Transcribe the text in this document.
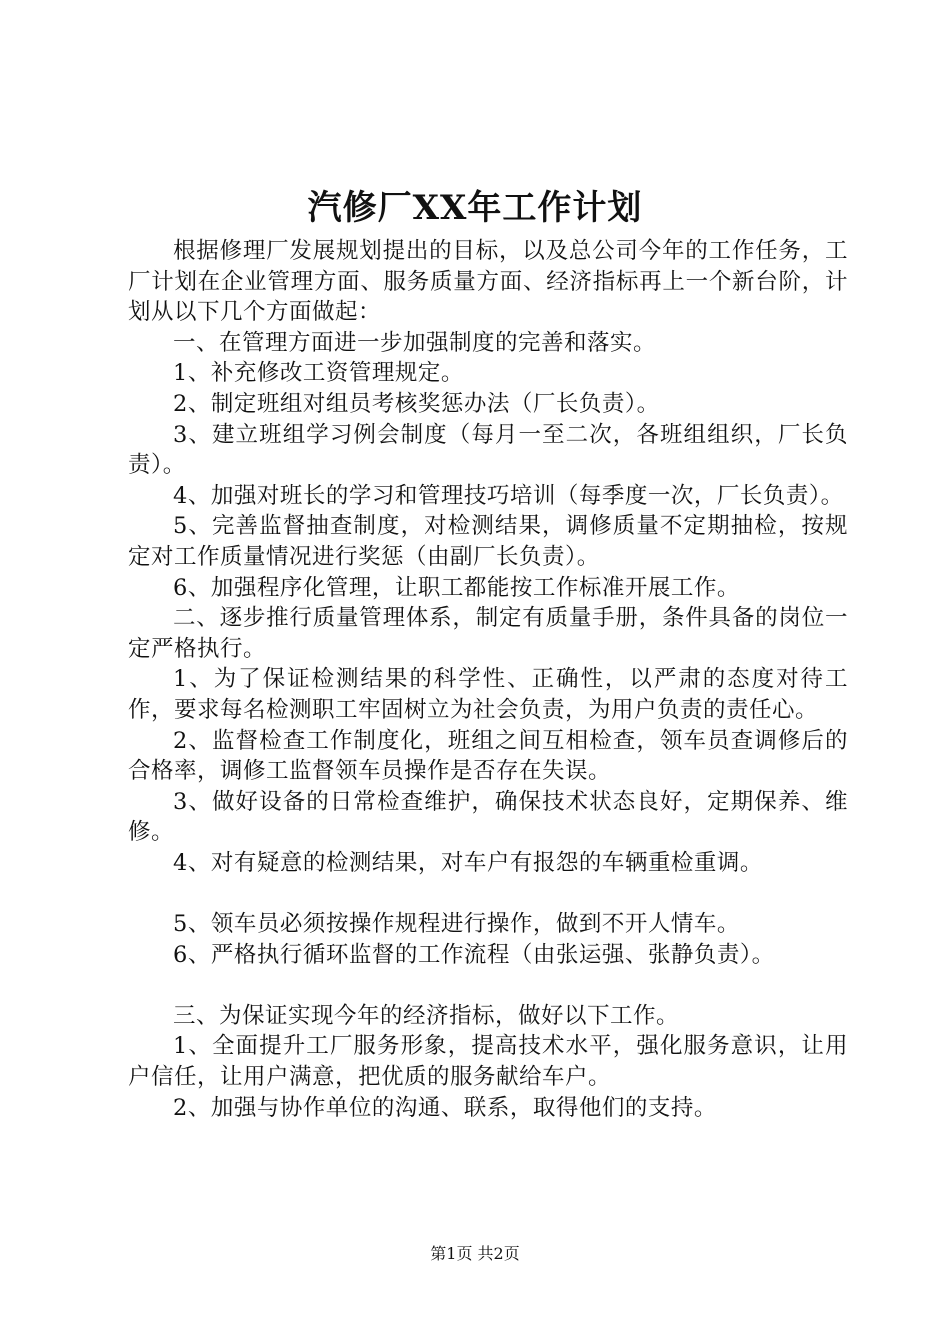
汽修厂XX年工作计划

根据修理厂发展规划提出的目标，以及总公司今年的工作任务，工厂计划在企业管理方面、服务质量方面、经济指标再上一个新台阶，计划从以下几个方面做起：

一、在管理方面进一步加强制度的完善和落实。

1、补充修改工资管理规定。

2、制定班组对组员考核奖惩办法（厂长负责）。

3、建立班组学习例会制度（每月一至二次，各班组组织，厂长负责）。

4、加强对班长的学习和管理技巧培训（每季度一次，厂长负责）。

5、完善监督抽查制度，对检测结果，调修质量不定期抽检，按规定对工作质量情况进行奖惩（由副厂长负责）。

6、加强程序化管理，让职工都能按工作标准开展工作。

二、逐步推行质量管理体系，制定有质量手册，条件具备的岗位一定严格执行。

1、为了保证检测结果的科学性、正确性，以严肃的态度对待工作，要求每名检测职工牢固树立为社会负责，为用户负责的责任心。

2、监督检查工作制度化，班组之间互相检查，领车员查调修后的合格率，调修工监督领车员操作是否存在失误。

3、做好设备的日常检查维护，确保技术状态良好，定期保养、维修。

4、对有疑意的检测结果，对车户有报怨的车辆重检重调。

5、领车员必须按操作规程进行操作，做到不开人情车。

6、严格执行循环监督的工作流程（由张运强、张静负责）。

三、为保证实现今年的经济指标，做好以下工作。

1、全面提升工厂服务形象，提高技术水平，强化服务意识，让用户信任，让用户满意，把优质的服务献给车户。

2、加强与协作单位的沟通、联系，取得他们的支持。

第1页 共2页
